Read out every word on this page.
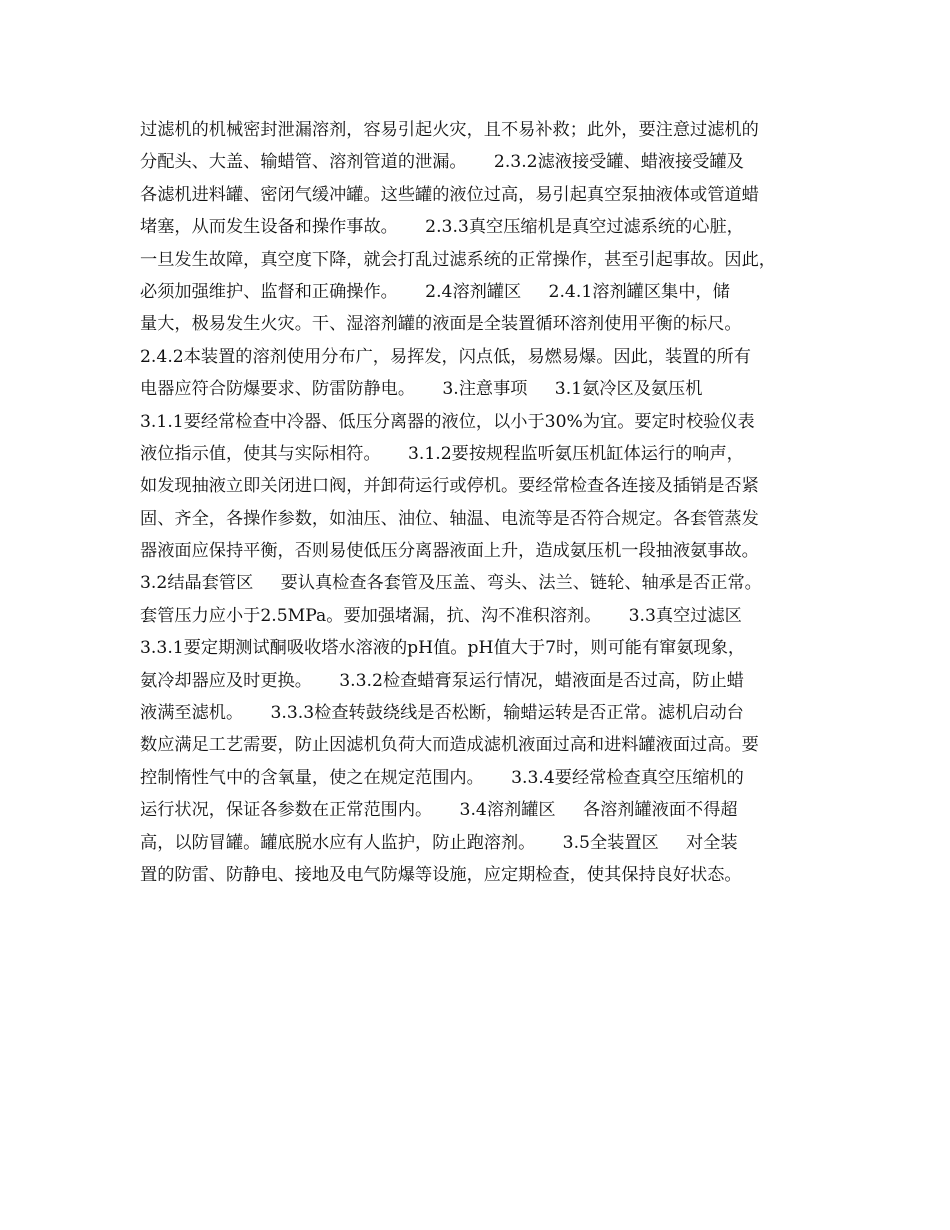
过滤机的机械密封泄漏溶剂，容易引起火灾，且不易补救；此外，要注意过滤机的
分配头、大盖、输蜡管、溶剂管道的泄漏。     2.3.2滤液接受罐、蜡液接受罐及
各滤机进料罐、密闭气缓冲罐。这些罐的液位过高，易引起真空泵抽液体或管道蜡
堵塞，从而发生设备和操作事故。     2.3.3真空压缩机是真空过滤系统的心脏，
一旦发生故障，真空度下降，就会打乱过滤系统的正常操作，甚至引起事故。因此，
必须加强维护、监督和正确操作。     2.4溶剂罐区     2.4.1溶剂罐区集中，储
量大，极易发生火灾。干、湿溶剂罐的液面是全装置循环溶剂使用平衡的标尺。
2.4.2本装置的溶剂使用分布广，易挥发，闪点低，易燃易爆。因此，装置的所有
电器应符合防爆要求、防雷防静电。     3.注意事项     3.1氨冷区及氨压机
3.1.1要经常检查中冷器、低压分离器的液位，以小于30%为宜。要定时校验仪表
液位指示值，使其与实际相符。     3.1.2要按规程监听氨压机缸体运行的响声，
如发现抽液立即关闭进口阀，并卸荷运行或停机。要经常检查各连接及插销是否紧
固、齐全，各操作参数，如油压、油位、轴温、电流等是否符合规定。各套管蒸发
器液面应保持平衡，否则易使低压分离器液面上升，造成氨压机一段抽液氨事故。
3.2结晶套管区     要认真检查各套管及压盖、弯头、法兰、链轮、轴承是否正常。
套管压力应小于2.5MPa。要加强堵漏，抗、沟不准积溶剂。     3.3真空过滤区
3.3.1要定期测试酮吸收塔水溶液的pH值。pH值大于7时，则可能有窜氨现象，
氨冷却器应及时更换。     3.3.2检查蜡膏泵运行情况，蜡液面是否过高，防止蜡
液满至滤机。     3.3.3检查转鼓绕线是否松断，输蜡运转是否正常。滤机启动台
数应满足工艺需要，防止因滤机负荷大而造成滤机液面过高和进料罐液面过高。要
控制惰性气中的含氧量，使之在规定范围内。     3.3.4要经常检查真空压缩机的
运行状况，保证各参数在正常范围内。     3.4溶剂罐区     各溶剂罐液面不得超
高，以防冒罐。罐底脱水应有人监护，防止跑溶剂。     3.5全装置区     对全装
置的防雷、防静电、接地及电气防爆等设施，应定期检查，使其保持良好状态。
